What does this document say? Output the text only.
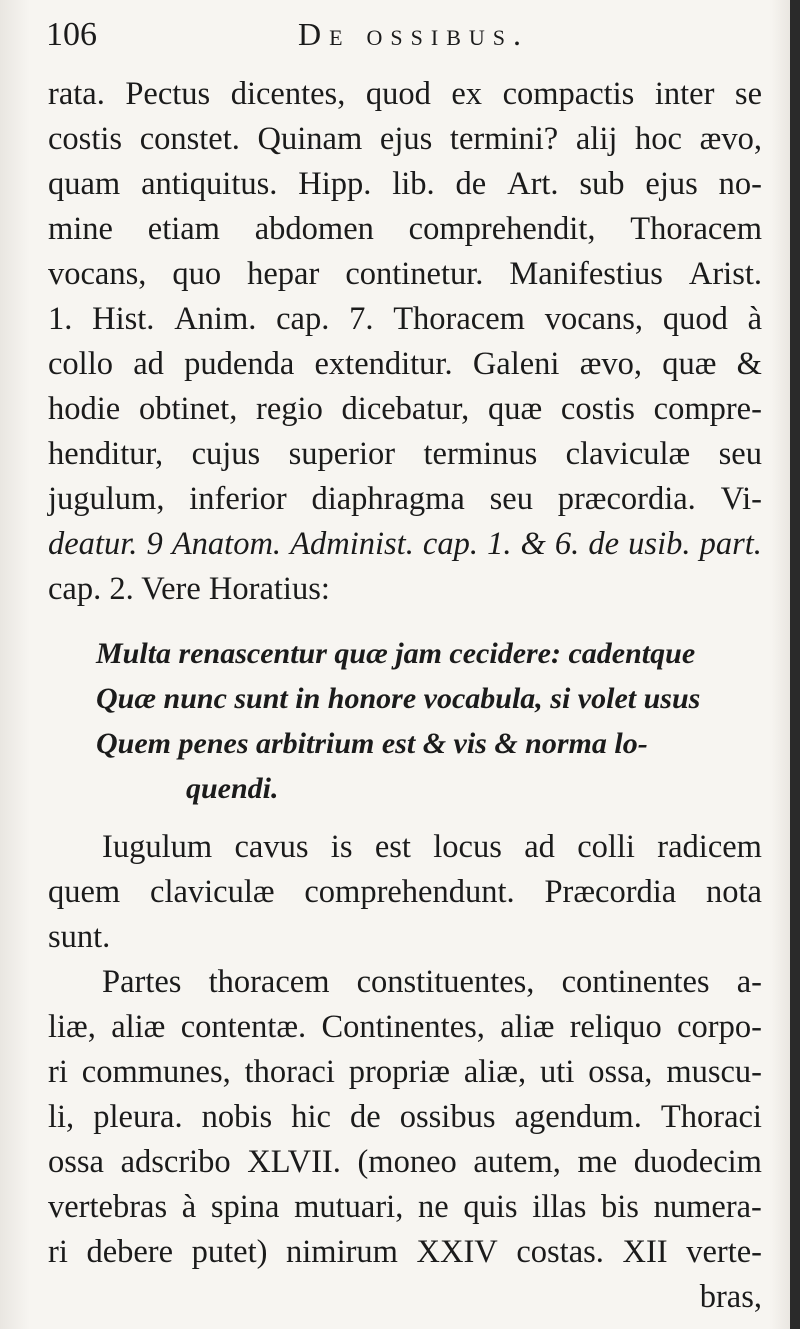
106	De ossibus.
rata. Pectus dicentes, quod ex compactis inter se
costis constet. Quinam ejus termini? alij hoc ævo,
quam antiquitus. Hipp. lib. de Art. sub ejus no-
mine etiam abdomen comprehendit, Thoracem
vocans, quo hepar continetur. Manifestius Arist.
1. Hist. Anim. cap. 7. Thoracem vocans, quod à
collo ad pudenda extenditur. Galeni ævo, quæ &
hodie obtinet, regio dicebatur, quæ costis compre-
henditur, cujus superior terminus claviculæ seu
jugulum, inferior diaphragma seu præcordia. Vi-
deatur. 9 Anatom. Administ. cap. 1. & 6. de usib. part.
cap. 2. Vere Horatius:
Multa renascentur quæ jam cecidere: cadentque
Quæ nunc sunt in honore vocabula, si volet usus
Quem penes arbitrium est & vis & norma lo-
quendi.
Iugulum cavus is est locus ad colli radicem
quem claviculæ comprehendunt. Præcordia nota
sunt.
Partes thoracem constituentes, continentes a-
liæ, aliæ contentæ. Continentes, aliæ reliquo corpo-
ri communes, thoraci propriæ aliæ, uti ossa, muscu-
li, pleura. nobis hic de ossibus agendum. Thoraci
ossa adscribo XLVII. (moneo autem, me duodecim
vertebras à spina mutuari, ne quis illas bis numera-
ri debere putet) nimirum XXIV costas. XII verte-
bras,
